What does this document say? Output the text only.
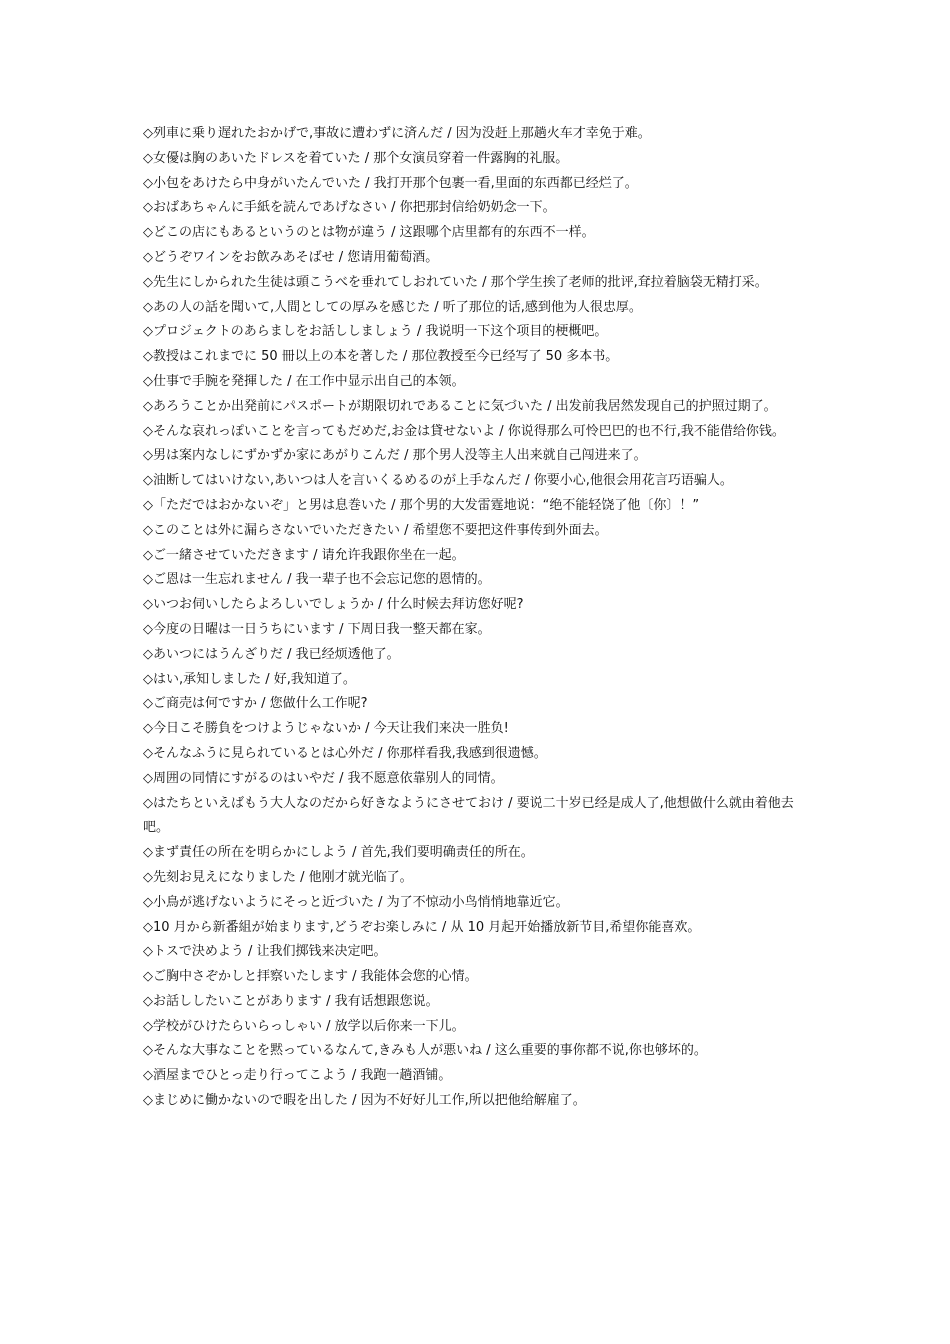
◇列車に乗り遅れたおかげで,事故に遭わずに済んだ / 因为没赶上那趟火车才幸免于难。

◇女優は胸のあいたドレスを着ていた / 那个女演员穿着一件露胸的礼服。

◇小包をあけたら中身がいたんでいた / 我打开那个包裹一看,里面的东西都已经烂了。

◇おばあちゃんに手紙を読んであげなさい / 你把那封信给奶奶念一下。

◇どこの店にもあるというのとは物が違う / 这跟哪个店里都有的东西不一样。

◇どうぞワインをお飲みあそばせ / 您请用葡萄酒。

◇先生にしかられた生徒は頭こうべを垂れてしおれていた / 那个学生挨了老师的批评,耷拉着脑袋无精打采。

◇あの人の話を聞いて,人間としての厚みを感じた / 听了那位的话,感到他为人很忠厚。

◇プロジェクトのあらましをお話ししましょう / 我说明一下这个项目的梗概吧。

◇教授はこれまでに 50 冊以上の本を著した / 那位教授至今已经写了 50 多本书。

◇仕事で手腕を発揮した / 在工作中显示出自己的本领。

◇あろうことか出発前にパスポートが期限切れであることに気づいた / 出发前我居然发现自己的护照过期了。

◇そんな哀れっぽいことを言ってもだめだ,お金は貸せないよ / 你说得那么可怜巴巴的也不行,我不能借给你钱。

◇男は案内なしにずかずか家にあがりこんだ / 那个男人没等主人出来就自己闯进来了。

◇油断してはいけない,あいつは人を言いくるめるのが上手なんだ / 你要小心,他很会用花言巧语骗人。

◇「ただではおかないぞ」と男は息巻いた / 那个男的大发雷霆地说：“绝不能轻饶了他〔你〕！”

◇このことは外に漏らさないでいただきたい / 希望您不要把这件事传到外面去。

◇ご一緒させていただきます / 请允许我跟你坐在一起。

◇ご恩は一生忘れません / 我一辈子也不会忘记您的恩情的。

◇いつお伺いしたらよろしいでしょうか / 什么时候去拜访您好呢?

◇今度の日曜は一日うちにいます / 下周日我一整天都在家。

◇あいつにはうんざりだ / 我已经烦透他了。

◇はい,承知しました / 好,我知道了。

◇ご商売は何ですか / 您做什么工作呢?

◇今日こそ勝負をつけようじゃないか / 今天让我们来决一胜负!

◇そんなふうに見られているとは心外だ / 你那样看我,我感到很遗憾。

◇周囲の同情にすがるのはいやだ / 我不愿意依靠别人的同情。

◇はたちといえばもう大人なのだから好きなようにさせておけ / 要说二十岁已经是成人了,他想做什么就由着他去吧。

◇まず責任の所在を明らかにしよう / 首先,我们要明确责任的所在。

◇先刻お見えになりました / 他刚才就光临了。

◇小鳥が逃げないようにそっと近づいた / 为了不惊动小鸟悄悄地靠近它。

◇10 月から新番組が始まります,どうぞお楽しみに / 从 10 月起开始播放新节目,希望你能喜欢。

◇トスで決めよう / 让我们掷钱来决定吧。

◇ご胸中さぞかしと拝察いたします / 我能体会您的心情。

◇お話ししたいことがあります / 我有话想跟您说。

◇学校がひけたらいらっしゃい / 放学以后你来一下儿。

◇そんな大事なことを黙っているなんて,きみも人が悪いね / 这么重要的事你都不说,你也够坏的。

◇酒屋までひとっ走り行ってこよう / 我跑一趟酒铺。

◇まじめに働かないので暇を出した / 因为不好好儿工作,所以把他给解雇了。
